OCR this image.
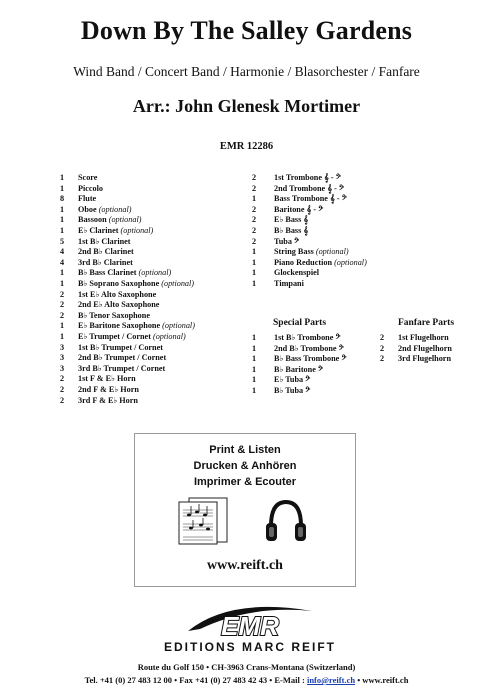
Down By The Salley Gardens
Wind Band / Concert Band / Harmonie / Blasorchester / Fanfare
Arr.: John Glenesk Mortimer
EMR 12286
1	Score
1	Piccolo
8	Flute
1	Oboe (optional)
1	Bassoon (optional)
1	E♭ Clarinet (optional)
5	1st B♭ Clarinet
4	2nd B♭ Clarinet
4	3rd B♭ Clarinet
1	B♭ Bass Clarinet (optional)
1	B♭ Soprano Saxophone (optional)
2	1st E♭ Alto Saxophone
2	2nd E♭ Alto Saxophone
2	B♭ Tenor Saxophone
1	E♭ Baritone Saxophone (optional)
1	E♭ Trumpet / Cornet (optional)
3	1st B♭ Trumpet / Cornet
3	2nd B♭ Trumpet / Cornet
3	3rd B♭ Trumpet / Cornet
2	1st F & E♭ Horn
2	2nd F & E♭ Horn
2	3rd F & E♭ Horn
2	1st Trombone 𝄞 - 𝄢
2	2nd Trombone 𝄞 - 𝄢
1	Bass Trombone 𝄞 - 𝄢
2	Baritone 𝄞 - 𝄢
2	E♭ Bass 𝄞
2	B♭ Bass 𝄞
2	Tuba 𝄢
1	String Bass (optional)
1	Piano Reduction (optional)
1	Glockenspiel
1	Timpani
Special Parts	Fanfare Parts
1	1st B♭ Trombone 𝄢
1	2nd B♭ Trombone 𝄢
1	B♭ Bass Trombone 𝄢
1	B♭ Baritone 𝄢
1	E♭ Tuba 𝄢
1	B♭ Tuba 𝄢
2	1st Flugelhorn
2	2nd Flugelhorn
2	3rd Flugelhorn
Print & Listen
Drucken & Anhören
Imprimer & Ecouter
www.reift.ch
EMR
EDITIONS MARC REIFT
Route du Golf 150 • CH-3963 Crans-Montana (Switzerland)
Tel. +41 (0) 27 483 12 00 • Fax +41 (0) 27 483 42 43 • E-Mail : info@reift.ch • www.reift.ch
